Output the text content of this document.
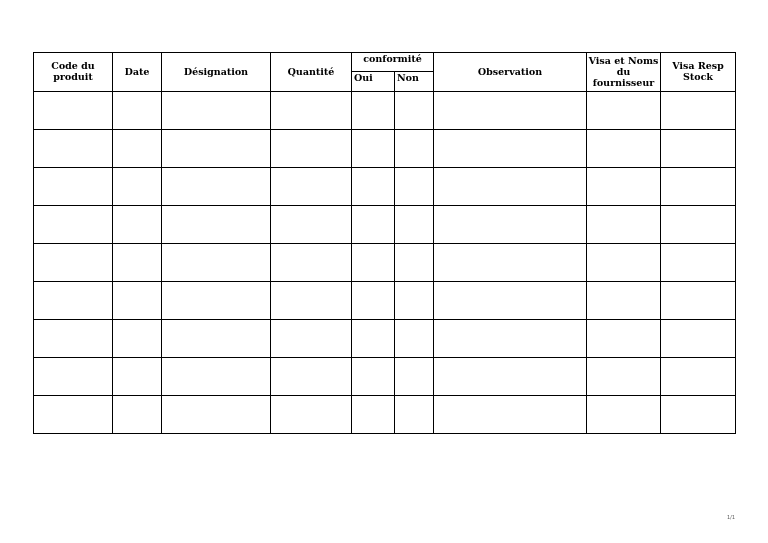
Code du produit	Date	Désignation	Quantité	conformité		Observation	Visa et Noms du fournisseur	Visa Resp Stock
				Oui	Non			

1/1
